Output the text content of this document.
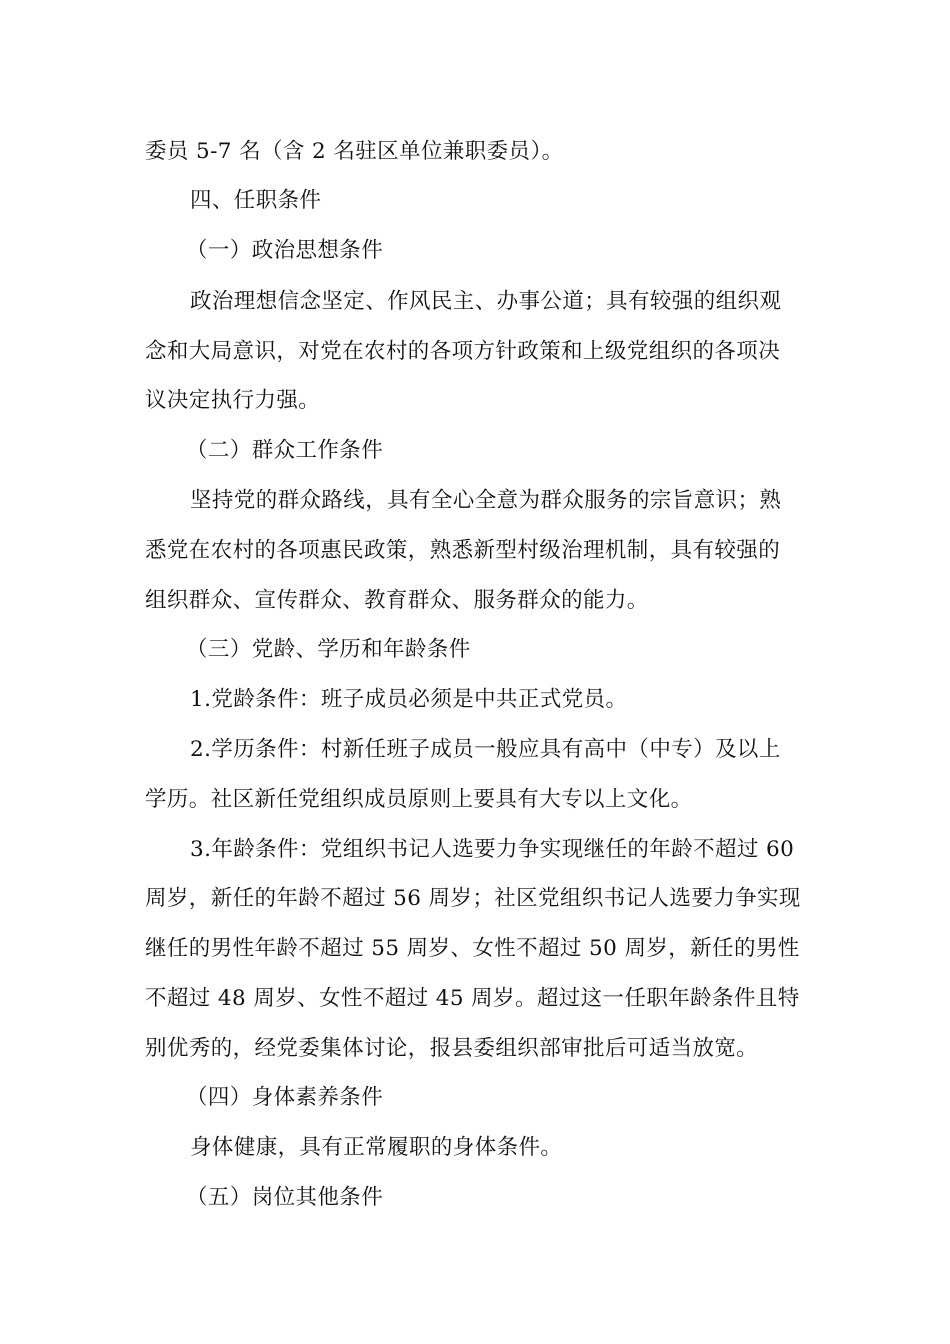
委员 5-7 名（含 2 名驻区单位兼职委员）。
四、任职条件
（一）政治思想条件
政治理想信念坚定、作风民主、办事公道；具有较强的组织观
念和大局意识，对党在农村的各项方针政策和上级党组织的各项决
议决定执行力强。
（二）群众工作条件
坚持党的群众路线，具有全心全意为群众服务的宗旨意识；熟
悉党在农村的各项惠民政策，熟悉新型村级治理机制，具有较强的
组织群众、宣传群众、教育群众、服务群众的能力。
（三）党龄、学历和年龄条件
1.党龄条件：班子成员必须是中共正式党员。
2.学历条件：村新任班子成员一般应具有高中（中专）及以上
学历。社区新任党组织成员原则上要具有大专以上文化。
3.年龄条件：党组织书记人选要力争实现继任的年龄不超过 60
周岁，新任的年龄不超过 56 周岁；社区党组织书记人选要力争实现
继任的男性年龄不超过 55 周岁、女性不超过 50 周岁，新任的男性
不超过 48 周岁、女性不超过 45 周岁。超过这一任职年龄条件且特
别优秀的，经党委集体讨论，报县委组织部审批后可适当放宽。
（四）身体素养条件
身体健康，具有正常履职的身体条件。
（五）岗位其他条件
